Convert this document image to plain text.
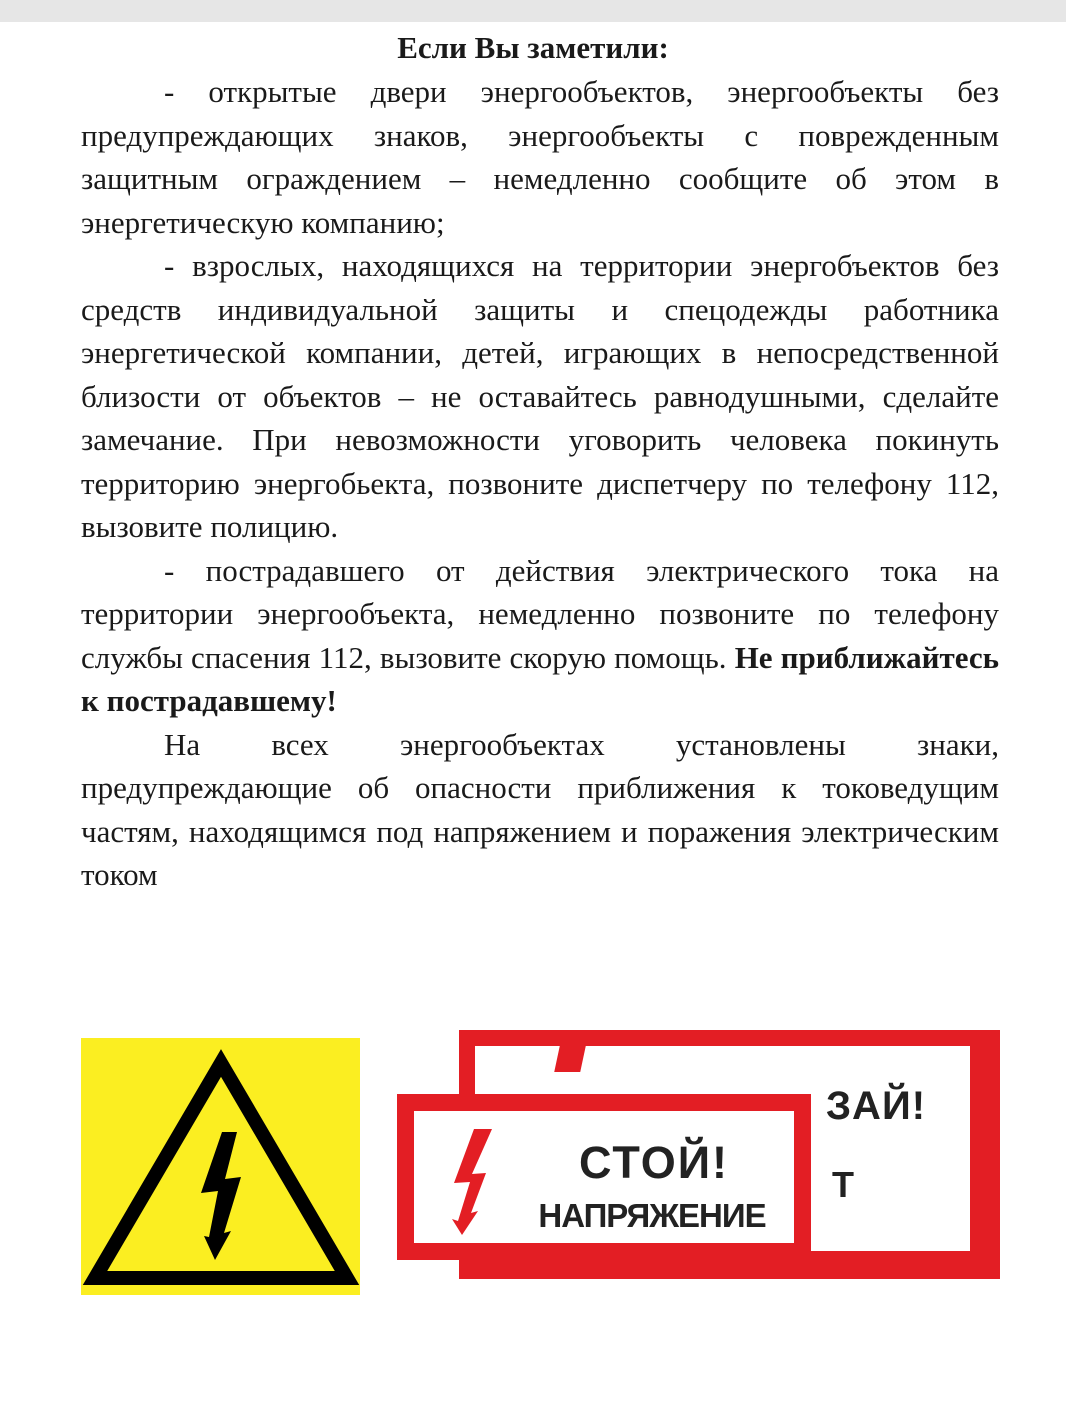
Если Вы заметили:

- открытые двери энергообъектов, энергообъекты без предупреждающих знаков, энергообъекты с поврежденным защитным ограждением – немедленно сообщите об этом в энергетическую компанию;

- взрослых, находящихся на территории энергобъектов без средств индивидуальной защиты и спецодежды работника энергетической компании, детей, играющих в непосредственной близости от объектов – не оставайтесь равнодушными, сделайте замечание. При невозможности уговорить человека покинуть территорию энергобьекта, позвоните диспетчеру по телефону 112, вызовите полицию.

- пострадавшего от действия электрического тока на территории энергообъекта, немедленно позвоните по телефону службы спасения 112, вызовите скорую помощь. Не приближайтесь к пострадавшему!

На всех энергообъектах установлены знаки, предупреждающие об опасности приближения к токоведущим частям, находящимся под напряжением и поражения электрическим током

ЗАЙ!
Т
СТОЙ!
НАПРЯЖЕНИЕ
